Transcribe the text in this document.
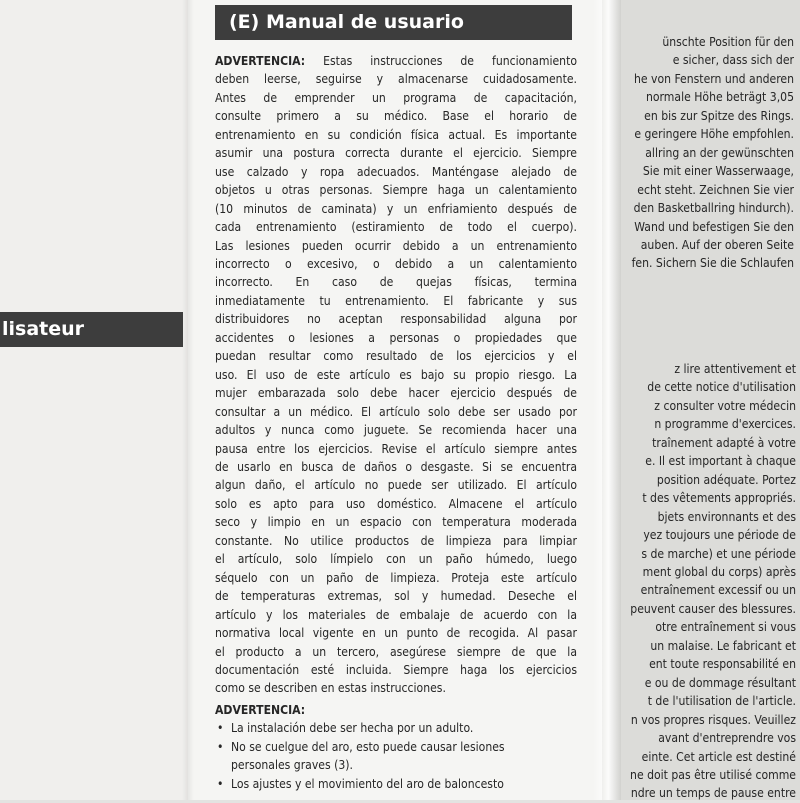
ünschte Position für den
e sicher, dass sich der
he von Fenstern und anderen
normale Höhe beträgt 3,05
en bis zur Spitze des Rings.
e geringere Höhe empfohlen.
allring an der gewünschten
Sie mit einer Wasserwaage,
echt steht. Zeichnen Sie vier
den Basketballring hindurch).
Wand und befestigen Sie den
auben. Auf der oberen Seite
fen. Sichern Sie die Schlaufen
lisateur
z lire attentivement et
de cette notice d'utilisation
z consulter votre médecin
n programme d'exercices.
traînement adapté à votre
e. Il est important à chaque
position adéquate. Portez
t des vêtements appropriés.
bjets environnants et des
yez toujours une période de
s de marche) et une période
ment global du corps) après
entraînement excessif ou un
peuvent causer des blessures.
otre entraînement si vous
un malaise. Le fabricant et
ent toute responsabilité en
e ou de dommage résultant
t de l'utilisation de l'article.
n vos propres risques. Veuillez
avant d'entreprendre vos
einte. Cet article est destiné
ne doit pas être utilisé comme
ndre un temps de pause entre
(E) Manual de usuario
ADVERTENCIA: Estas instrucciones de funcionamiento
deben leerse, seguirse y almacenarse cuidadosamente.
Antes de emprender un programa de capacitación,
consulte primero a su médico. Base el horario de
entrenamiento en su condición física actual. Es importante
asumir una postura correcta durante el ejercicio. Siempre
use calzado y ropa adecuados. Manténgase alejado de
objetos u otras personas. Siempre haga un calentamiento
(10 minutos de caminata) y un enfriamiento después de
cada entrenamiento (estiramiento de todo el cuerpo).
Las lesiones pueden ocurrir debido a un entrenamiento
incorrecto o excesivo, o debido a un calentamiento
incorrecto. En caso de quejas físicas, termina
inmediatamente tu entrenamiento. El fabricante y sus
distribuidores no aceptan responsabilidad alguna por
accidentes o lesiones a personas o propiedades que
puedan resultar como resultado de los ejercicios y el
uso. El uso de este artículo es bajo su propio riesgo. La
mujer embarazada solo debe hacer ejercicio después de
consultar a un médico. El artículo solo debe ser usado por
adultos y nunca como juguete. Se recomienda hacer una
pausa entre los ejercicios. Revise el artículo siempre antes
de usarlo en busca de daños o desgaste. Si se encuentra
algun daño, el artículo no puede ser utilizado. El artículo
solo es apto para uso doméstico. Almacene el artículo
seco y limpio en un espacio con temperatura moderada
constante. No utilice productos de limpieza para limpiar
el artículo, solo límpielo con un paño húmedo, luego
séquelo con un paño de limpieza. Proteja este artículo
de temperaturas extremas, sol y humedad. Deseche el
artículo y los materiales de embalaje de acuerdo con la
normativa local vigente en un punto de recogida. Al pasar
el producto a un tercero, asegúrese siempre de que la
documentación esté incluida. Siempre haga los ejercicios
como se describen en estas instrucciones.
ADVERTENCIA:
• La instalación debe ser hecha por un adulto.
• No se cuelgue del aro, esto puede causar lesiones
personales graves (3).
• Los ajustes y el movimiento del aro de baloncesto
